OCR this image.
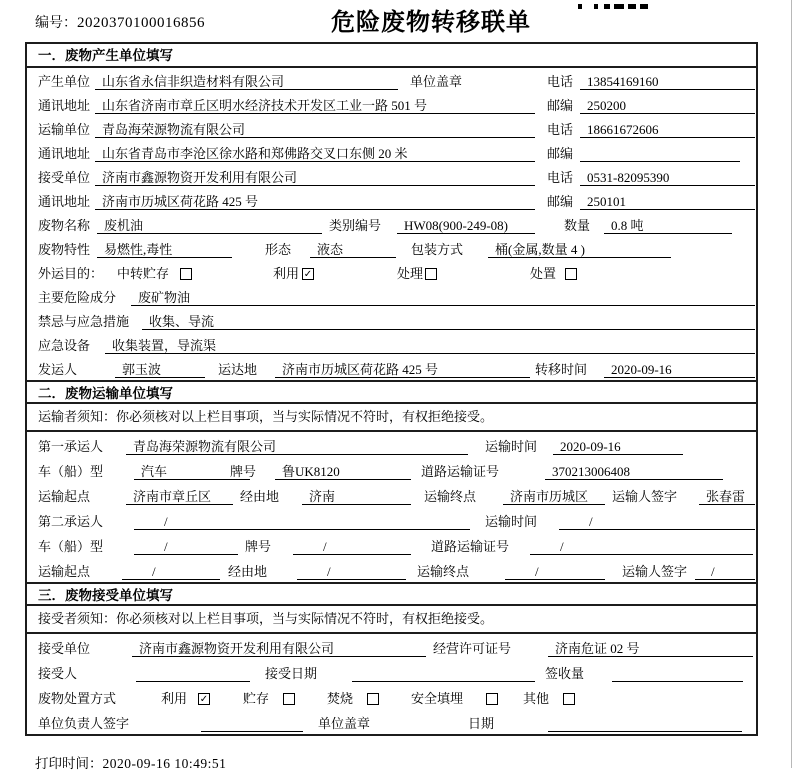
编号：2020370100016856	危险废物转移联单
一．废物产生单位填写
产生单位 山东省永信非织造材料有限公司	单位盖章	电话	13854169160
通讯地址 山东省济南市章丘区明水经济技术开发区工业一路 501 号	邮编	250200
运输单位 青岛海荣源物流有限公司	电话	18661672606
通讯地址 山东省青岛市李沧区徐水路和郑佛路交叉口东侧 20 米	邮编
接受单位 济南市鑫源物资开发利用有限公司	电话	0531-82095390
通讯地址 济南市历城区荷花路 425 号	邮编	250101
废物名称	废机油	类别编号	HW08(900-249-08)	数量	0.8 吨
废物特性	易燃性,毒性	形态	液态	包装方式	桶(金属,数量 4 )
外运目的： 中转贮存	利用 ✓	处理	处置
主要危险成分	废矿物油
禁忌与应急措施	收集、导流
应急设备	收集装置，导流渠
发运人	郭玉波	运达地	济南市历城区荷花路 425 号	转移时间	2020-09-16
二．废物运输单位填写
运输者须知：你必须核对以上栏目事项，当与实际情况不符时，有权拒绝接受。
第一承运人	青岛海荣源物流有限公司	运输时间	2020-09-16
车（船）型	汽车	牌号	鲁UK8120	道路运输证号	370213006408
运输起点	济南市章丘区	经由地	济南	运输终点	济南市历城区	运输人签字	张春雷
第二承运人	/	运输时间	/
车（船）型	/	牌号	/	道路运输证号	/
运输起点	/	经由地	/	运输终点	/	运输人签字	/
三．废物接受单位填写
接受者须知：你必须核对以上栏目事项，当与实际情况不符时，有权拒绝接受。
接受单位	济南市鑫源物资开发利用有限公司	经营许可证号	济南危证 02 号
接受人	接受日期	签收量
废物处置方式	利用 ✓	贮存	焚烧	安全填埋	其他
单位负责人签字	单位盖章	日期
打印时间：2020-09-16 10:49:51
